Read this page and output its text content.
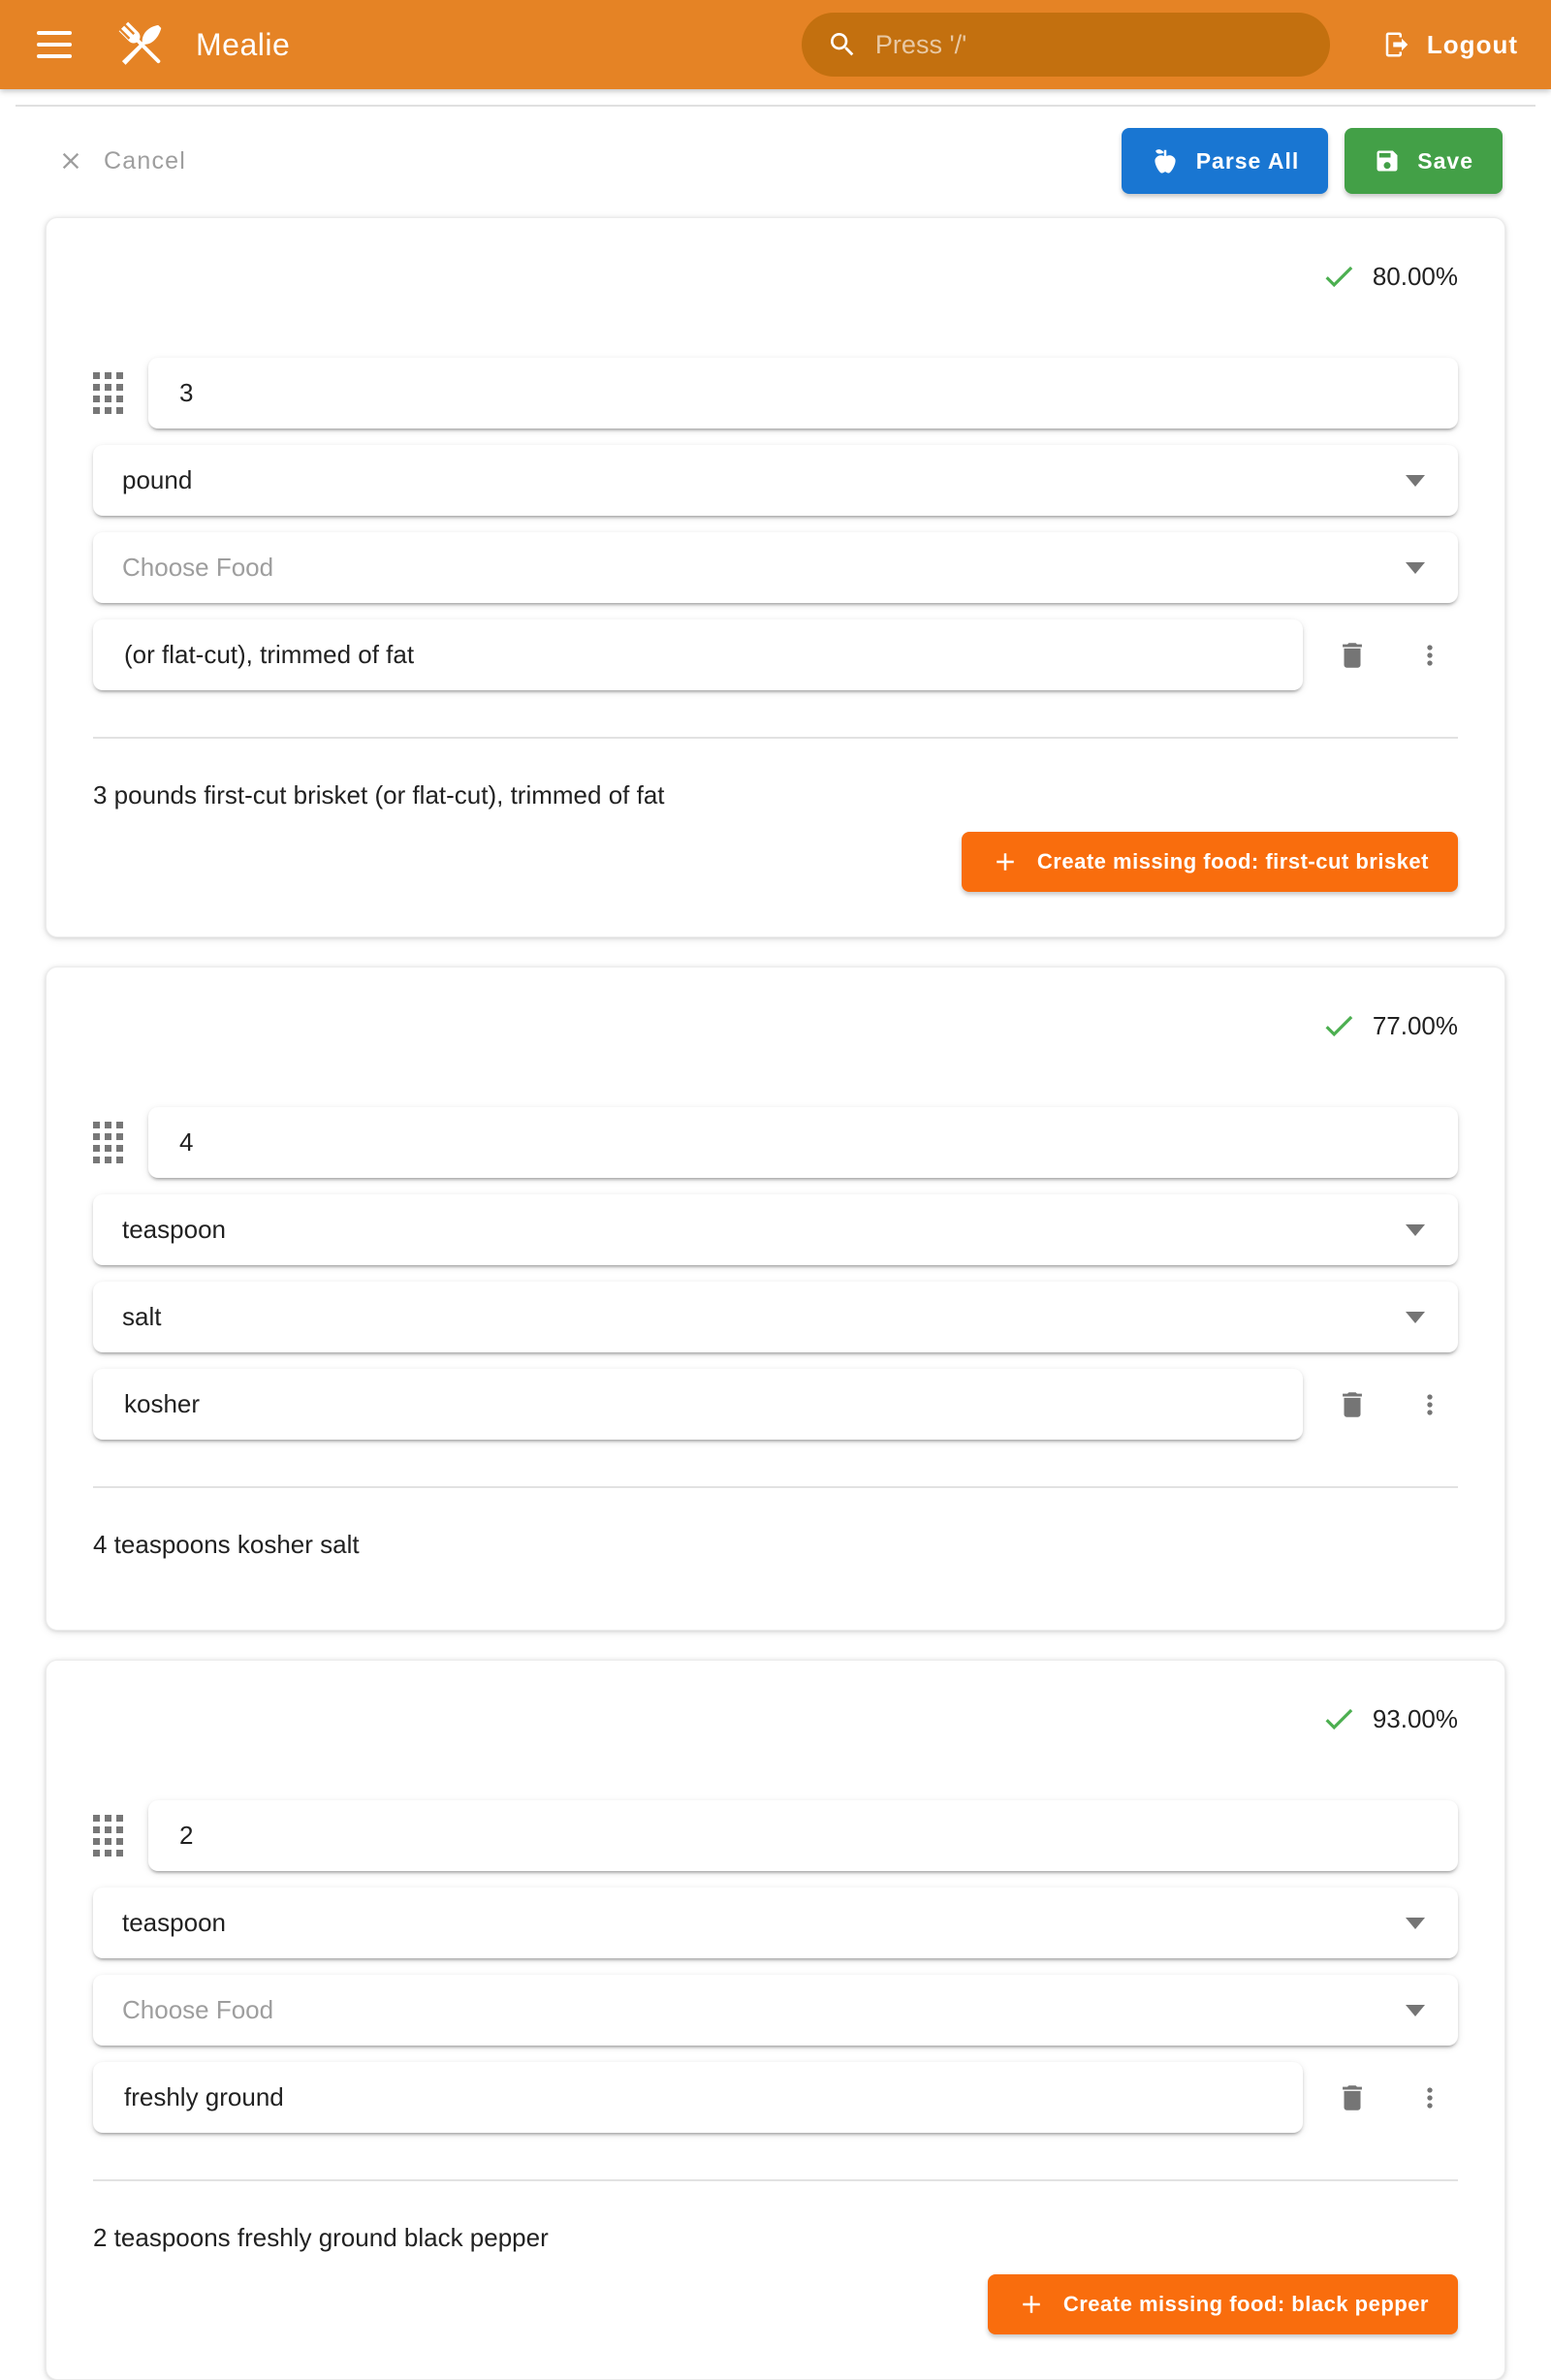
Mealie
Press '/'	Logout
Cancel	Parse All	Save
80.00%
3
pound
Choose Food
(or flat-cut), trimmed of fat
3 pounds first-cut brisket (or flat-cut), trimmed of fat
Create missing food: first-cut brisket
77.00%
4
teaspoon
salt
kosher
4 teaspoons kosher salt
93.00%
2
teaspoon
Choose Food
freshly ground
2 teaspoons freshly ground black pepper
Create missing food: black pepper
